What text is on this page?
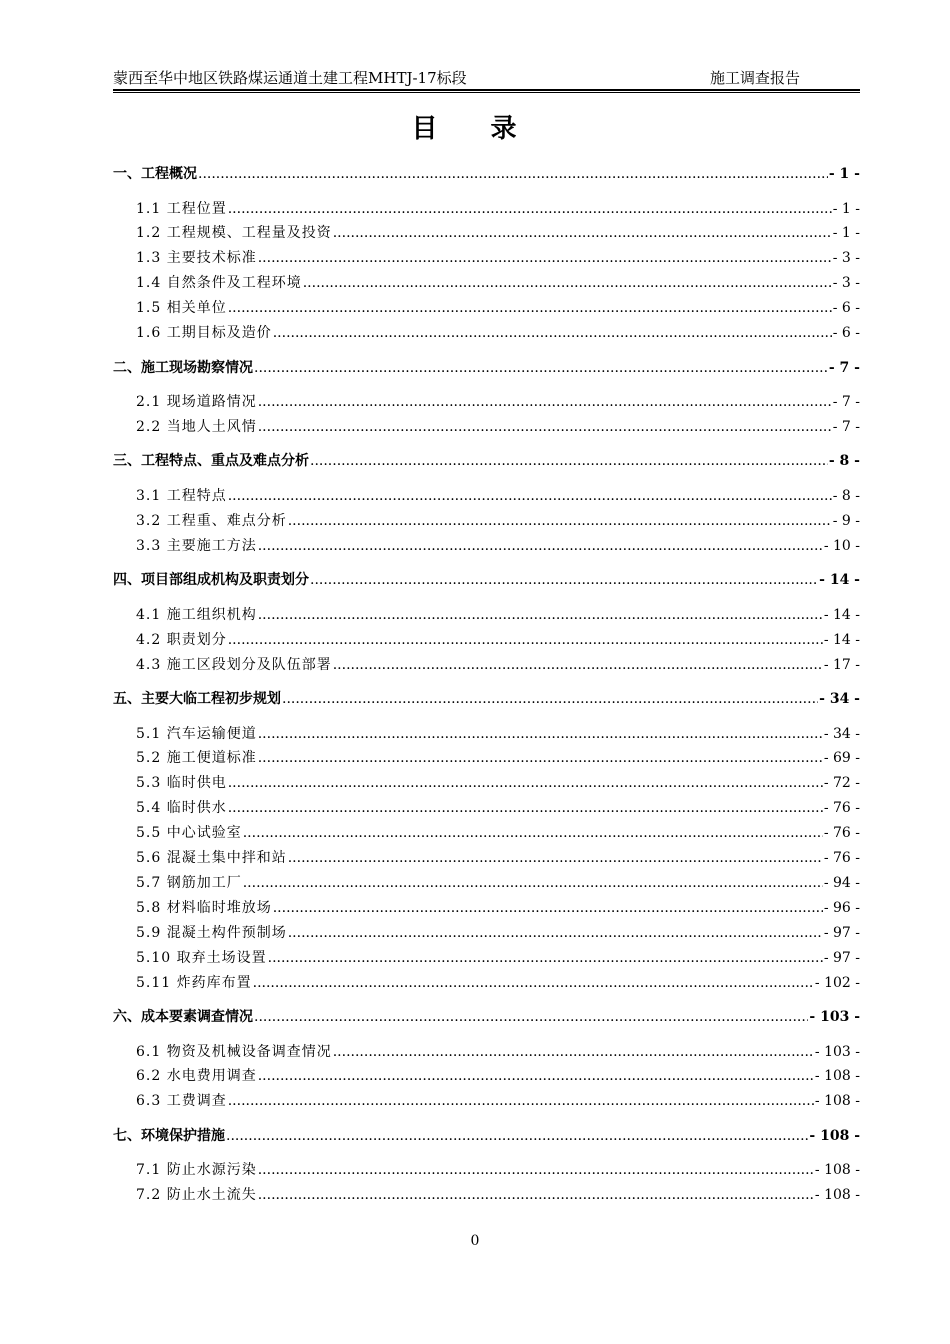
蒙西至华中地区铁路煤运通道土建工程MHTJ-17标段	施工调查报告
目 录
一、工程概况 .....	- 1 -
1.1 工程位置 .....	- 1 -
1.2 工程规模、工程量及投资 .....	- 1 -
1.3 主要技术标准 .....	- 3 -
1.4 自然条件及工程环境 .....	- 3 -
1.5 相关单位 .....	- 6 -
1.6 工期目标及造价 .....	- 6 -
二、施工现场勘察情况 .....	- 7 -
2.1 现场道路情况 .....	- 7 -
2.2 当地人土风情 .....	- 7 -
三、工程特点、重点及难点分析 .....	- 8 -
3.1 工程特点 .....	- 8 -
3.2 工程重、难点分析 .....	- 9 -
3.3 主要施工方法 .....	- 10 -
四、项目部组成机构及职责划分 .....	- 14 -
4.1 施工组织机构 .....	- 14 -
4.2 职责划分 .....	- 14 -
4.3 施工区段划分及队伍部署 .....	- 17 -
五、主要大临工程初步规划 .....	- 34 -
5.1 汽车运输便道 .....	- 34 -
5.2 施工便道标准 .....	- 69 -
5.3 临时供电 .....	- 72 -
5.4 临时供水 .....	- 76 -
5.5 中心试验室 .....	- 76 -
5.6 混凝土集中拌和站 .....	- 76 -
5.7 钢筋加工厂 .....	- 94 -
5.8 材料临时堆放场 .....	- 96 -
5.9 混凝土构件预制场 .....	- 97 -
5.10 取弃土场设置 .....	- 97 -
5.11 炸药库布置 .....	- 102 -
六、成本要素调查情况 .....	- 103 -
6.1 物资及机械设备调查情况 .....	- 103 -
6.2 水电费用调查 .....	- 108 -
6.3 工费调查 .....	- 108 -
七、环境保护措施 .....	- 108 -
7.1 防止水源污染 .....	- 108 -
7.2 防止水土流失 .....	- 108 -
0
